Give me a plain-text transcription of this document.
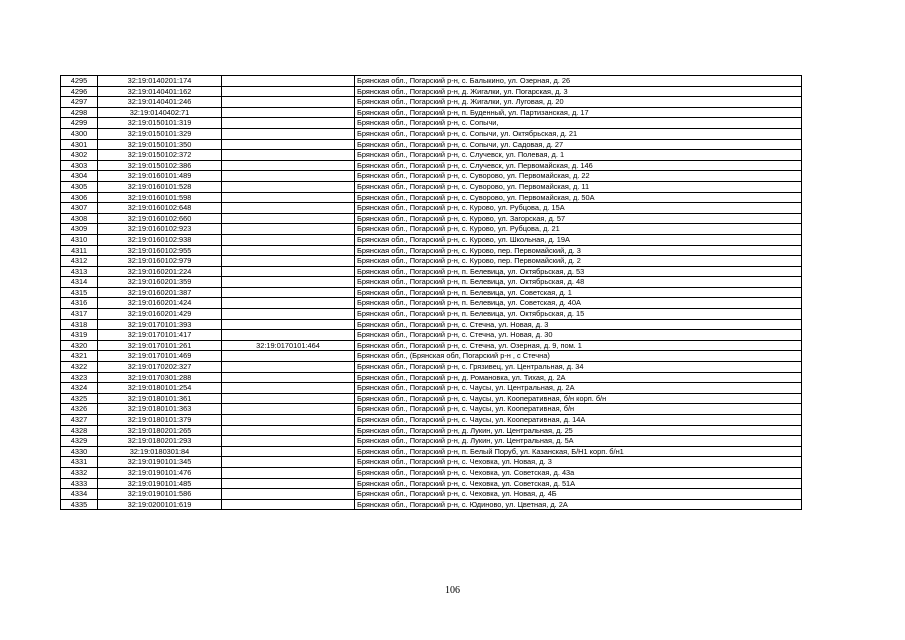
4295	32:19:0140201:174		Брянская обл., Погарский р-н, с. Балыкино, ул. Озерная, д. 26
4296	32:19:0140401:162		Брянская обл., Погарский р-н, д. Жигалки, ул. Погарская, д. 3
4297	32:19:0140401:246		Брянская обл., Погарский р-н, д. Жигалки, ул. Луговая, д. 20
4298	32:19:0140402:71		Брянская обл., Погарский р-н, п. Буденный, ул. Партизанская, д. 17
4299	32:19:0150101:319		Брянская обл., Погарский р-н, с. Сопычи,
4300	32:19:0150101:329		Брянская обл., Погарский р-н, с. Сопычи, ул. Октябрьская, д. 21
4301	32:19:0150101:350		Брянская обл., Погарский р-н, с. Сопычи, ул. Садовая, д. 27
4302	32:19:0150102:372		Брянская обл., Погарский р-н, с. Случевск, ул. Полевая, д. 1
4303	32:19:0150102:386		Брянская обл., Погарский р-н, с. Случевск, ул. Первомайская, д. 146
4304	32:19:0160101:489		Брянская обл., Погарский р-н, с. Суворово, ул. Первомайская, д. 22
4305	32:19:0160101:528		Брянская обл., Погарский р-н, с. Суворово, ул. Первомайская, д. 11
4306	32:19:0160101:598		Брянская обл., Погарский р-н, с. Суворово, ул. Первомайская, д. 50А
4307	32:19:0160102:648		Брянская обл., Погарский р-н, с. Курово, ул. Рубцова, д. 15А
4308	32:19:0160102:660		Брянская обл., Погарский р-н, с. Курово, ул. Загорская, д. 57
4309	32:19:0160102:923		Брянская обл., Погарский р-н, с. Курово, ул. Рубцова, д. 21
4310	32:19:0160102:938		Брянская обл., Погарский р-н, с. Курово, ул. Школьная, д. 19А
4311	32:19:0160102:955		Брянская обл., Погарский р-н, с. Курово, пер. Первомайский, д. 3
4312	32:19:0160102:979		Брянская обл., Погарский р-н, с. Курово, пер. Первомайский, д. 2
4313	32:19:0160201:224		Брянская обл., Погарский р-н, п. Белевица, ул. Октябрьская, д. 53
4314	32:19:0160201:359		Брянская обл., Погарский р-н, п. Белевица, ул. Октябрьская, д. 48
4315	32:19:0160201:387		Брянская обл., Погарский р-н, п. Белевица, ул. Советская, д. 1
4316	32:19:0160201:424		Брянская обл., Погарский р-н, п. Белевица, ул. Советская, д. 40А
4317	32:19:0160201:429		Брянская обл., Погарский р-н, п. Белевица, ул. Октябрьская, д. 15
4318	32:19:0170101:393		Брянская обл., Погарский р-н, с. Стечна, ул. Новая, д. 3
4319	32:19:0170101:417		Брянская обл., Погарский р-н, с. Стечна, ул. Новая, д. 30
4320	32:19:0170101:261	32:19:0170101:464	Брянская обл., Погарский р-н, с. Стечна, ул. Озерная, д. 9, пом. 1
4321	32:19:0170101:469		Брянская обл., (Брянская обл, Погарский р-н , с Стечна)
4322	32:19:0170202:327		Брянская обл., Погарский р-н, с. Грязивец, ул. Центральная, д. 34
4323	32:19:0170301:288		Брянская обл., Погарский р-н, д. Романовка, ул. Тихая, д. 2А
4324	32:19:0180101:254		Брянская обл., Погарский р-н, с. Чаусы, ул. Центральная, д. 2А
4325	32:19:0180101:361		Брянская обл., Погарский р-н, с. Чаусы, ул. Кооперативная, б/н корп. б/н
4326	32:19:0180101:363		Брянская обл., Погарский р-н, с. Чаусы, ул. Кооперативная, б/н
4327	32:19:0180101:379		Брянская обл., Погарский р-н, с. Чаусы, ул. Кооперативная, д. 14А
4328	32:19:0180201:265		Брянская обл., Погарский р-н, д. Лукин, ул. Центральная, д. 25
4329	32:19:0180201:293		Брянская обл., Погарский р-н, д. Лукин, ул. Центральная, д. 5А
4330	32:19:0180301:84		Брянская обл., Погарский р-н, п. Белый Поруб, ул. Казанская, Б/Н1 корп. б/н1
4331	32:19:0190101:345		Брянская обл., Погарский р-н, с. Чеховка, ул. Новая, д. 3
4332	32:19:0190101:476		Брянская обл., Погарский р-н, с. Чеховка, ул. Советская, д. 43а
4333	32:19:0190101:485		Брянская обл., Погарский р-н, с. Чеховка, ул. Советская, д. 51А
4334	32:19:0190101:586		Брянская обл., Погарский р-н, с. Чеховка, ул. Новая, д. 4Б
4335	32:19:0200101:619		Брянская обл., Погарский р-н, с. Юдиново, ул. Цветная, д. 2А
106
